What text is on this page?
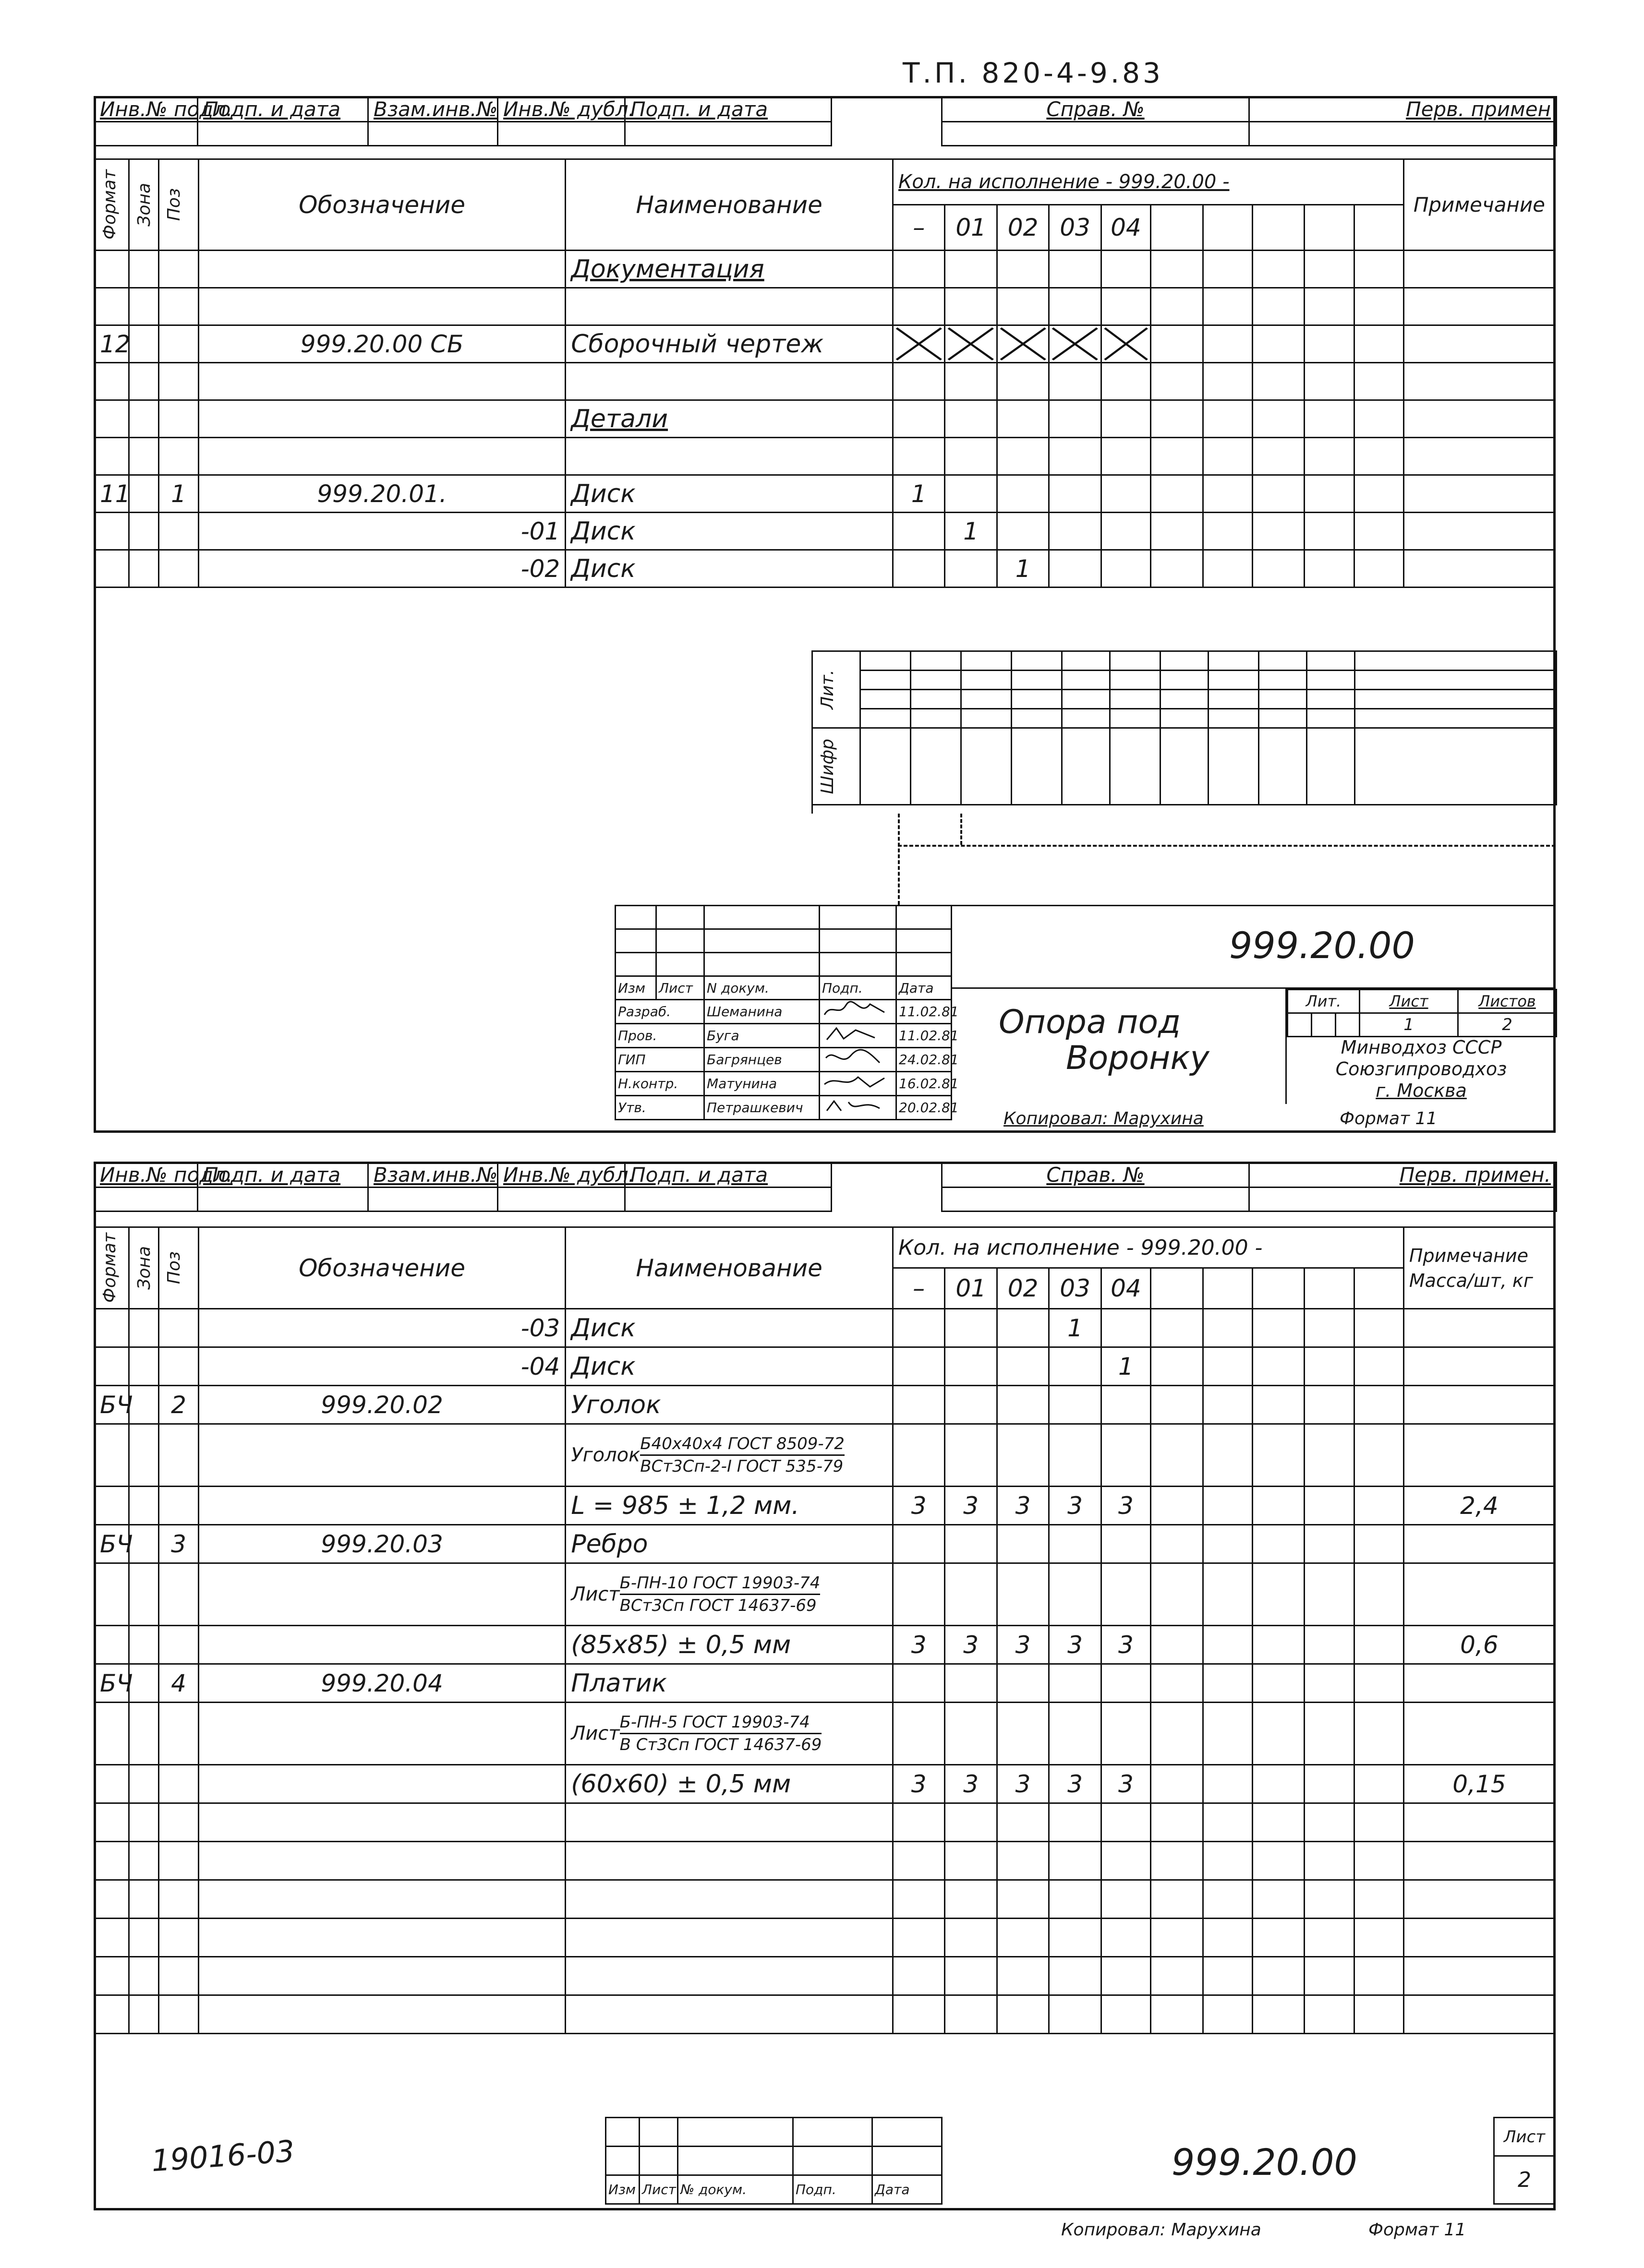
Т.П. 820-4-9.83
Инв.№ подл.	Подп. и дата	Взам.инв.№	Инв.№ дубл.	Подп. и дата
					Справ. №	Перв. примен

Формат	Зона	Поз	Обозначение	Наименование	Кол. на исполнение - 999.20.00 -										Примечание
					–	01	02	03	04						
				Документация											

12			999.20.00 СБ	Сборочный чертеж	

				Детали											

11		1	999.20.01.	Диск	1										
			-01	Диск		1									
			-02	Диск			1								
Лит.											

Шифр											

Изм	Лист	N докум.	Подп.	Дата
Разраб.		Шеманина		11.02.81
Пров.		Буга		11.02.81
ГИП		Багрянцев		24.02.81
Н.контр.		Матунина		16.02.81
Утв.		Петрашкевич		20.02.81
999.20.00
Опора под
Воронку
Лит.			Лист	Листов
			1	2
Минводхоз СССР
Союзгипроводхоз
г. Москва
Копировал: Марухина	Формат 11
Инв.№ подл.	Подп. и дата	Взам.инв.№	Инв.№ дубл.	Подп. и дата
					Справ. №	Перв. примен.

Формат	Зона	Поз	Обозначение	Наименование	Кол. на исполнение - 999.20.00 -										Примечание
Масса/шт, кг
					–	01	02	03	04						
			-03	Диск				1							
			-04	Диск					1						
БЧ		2	999.20.02	Уголок											
				Уголок
Б40х40х4 ГОСТ 8509-72
ВСт3Сп-2-I ГОСТ 535-79											

				L = 985 ± 1,2 мм.	3	3	3	3	3						2,4
БЧ		3	999.20.03	Ребро											
				Лист
Б-ПН-10 ГОСТ 19903-74
ВСт3Сп ГОСТ 14637-69											

				(85х85) ± 0,5 мм	3	3	3	3	3						0,6
БЧ		4	999.20.04	Платик											
				Лист
Б-ПН-5 ГОСТ 19903-74
В Ст3Сп ГОСТ 14637-69											

				(60х60) ± 0,5 мм	3	3	3	3	3						0,15

Изм	Лист	№ докум.	Подп.	Дата
999.20.00
Лист
2
19016-03
Копировал: Марухина	Формат 11
